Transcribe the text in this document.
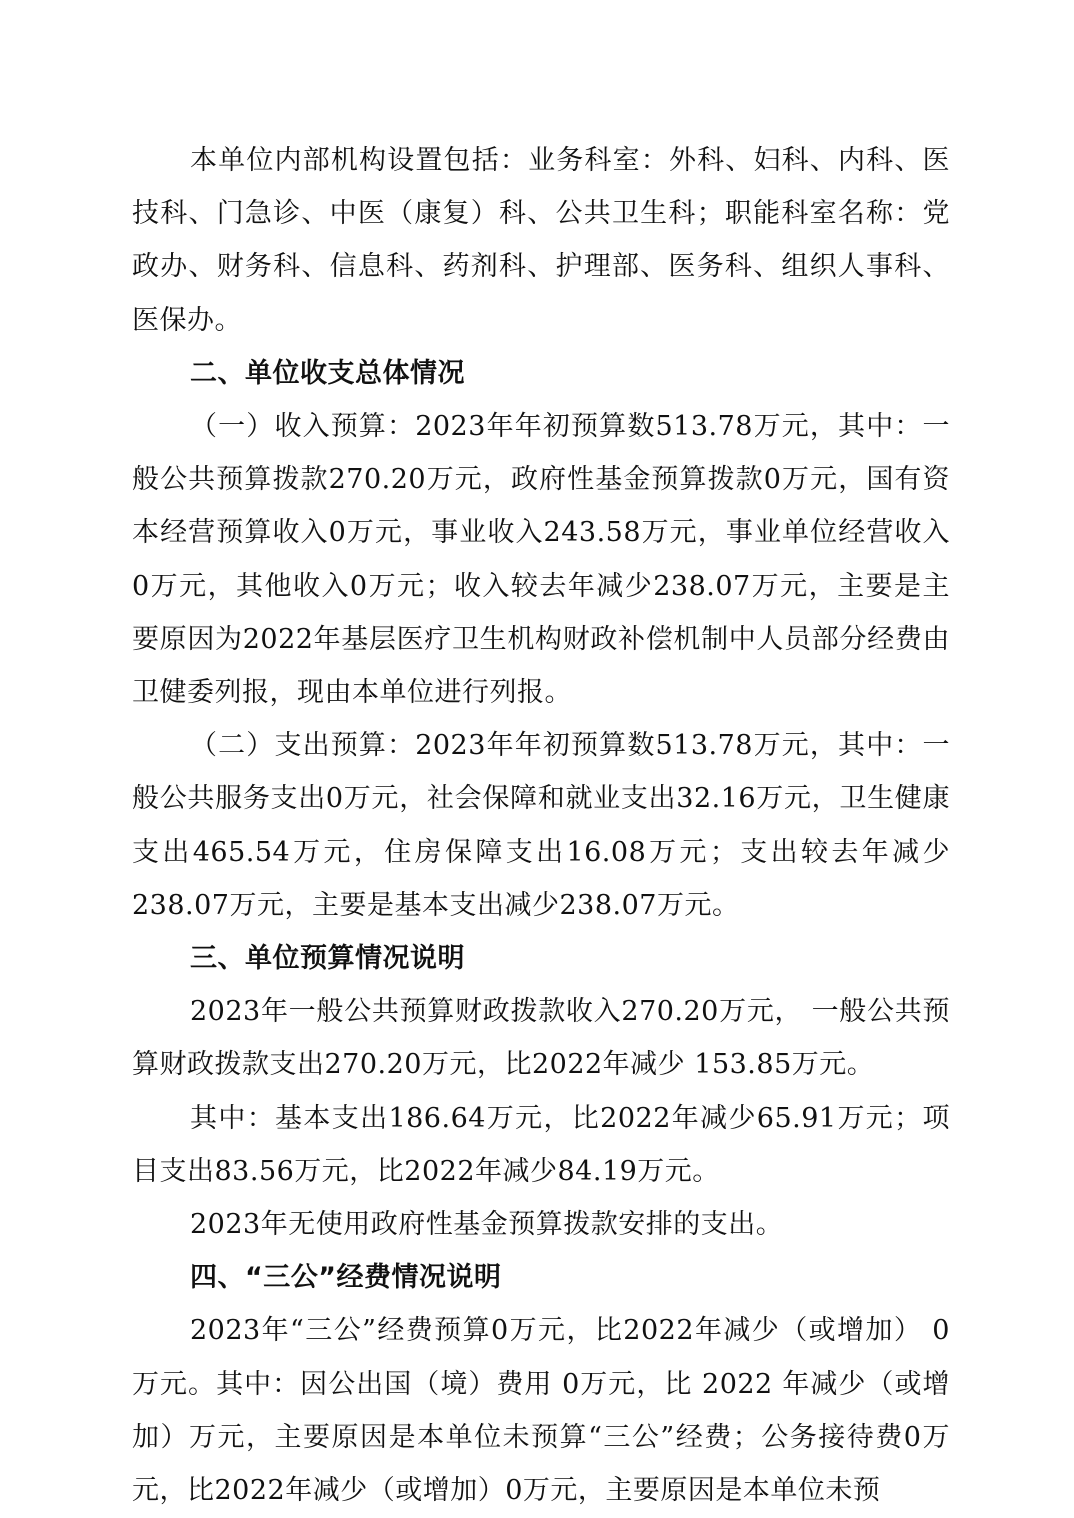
本单位内部机构设置包括：业务科室：外科、妇科、内科、医技科、门急诊、中医（康复）科、公共卫生科；职能科室名称：党政办、财务科、信息科、药剂科、护理部、医务科、组织人事科、医保办。

二、单位收支总体情况

（一）收入预算：2023年年初预算数513.78万元，其中：一般公共预算拨款270.20万元，政府性基金预算拨款0万元，国有资本经营预算收入0万元，事业收入243.58万元，事业单位经营收入0万元，其他收入0万元；收入较去年减少238.07万元，主要是主要原因为2022年基层医疗卫生机构财政补偿机制中人员部分经费由卫健委列报，现由本单位进行列报。

（二）支出预算：2023年年初预算数513.78万元，其中：一般公共服务支出0万元，社会保障和就业支出32.16万元，卫生健康支出465.54万元，住房保障支出16.08万元；支出较去年减少238.07万元，主要是基本支出减少238.07万元。

三、单位预算情况说明

2023年一般公共预算财政拨款收入270.20万元， 一般公共预算财政拨款支出270.20万元，比2022年减少 153.85万元。

其中：基本支出186.64万元，比2022年减少65.91万元；项目支出83.56万元，比2022年减少84.19万元。

2023年无使用政府性基金预算拨款安排的支出。

四、“三公”经费情况说明

2023年“三公”经费预算0万元，比2022年减少（或增加） 0万元。其中：因公出国（境）费用 0万元，比 2022 年减少（或增加）万元，主要原因是本单位未预算“三公”经费；公务接待费0万元，比2022年减少（或增加）0万元，主要原因是本单位未预
